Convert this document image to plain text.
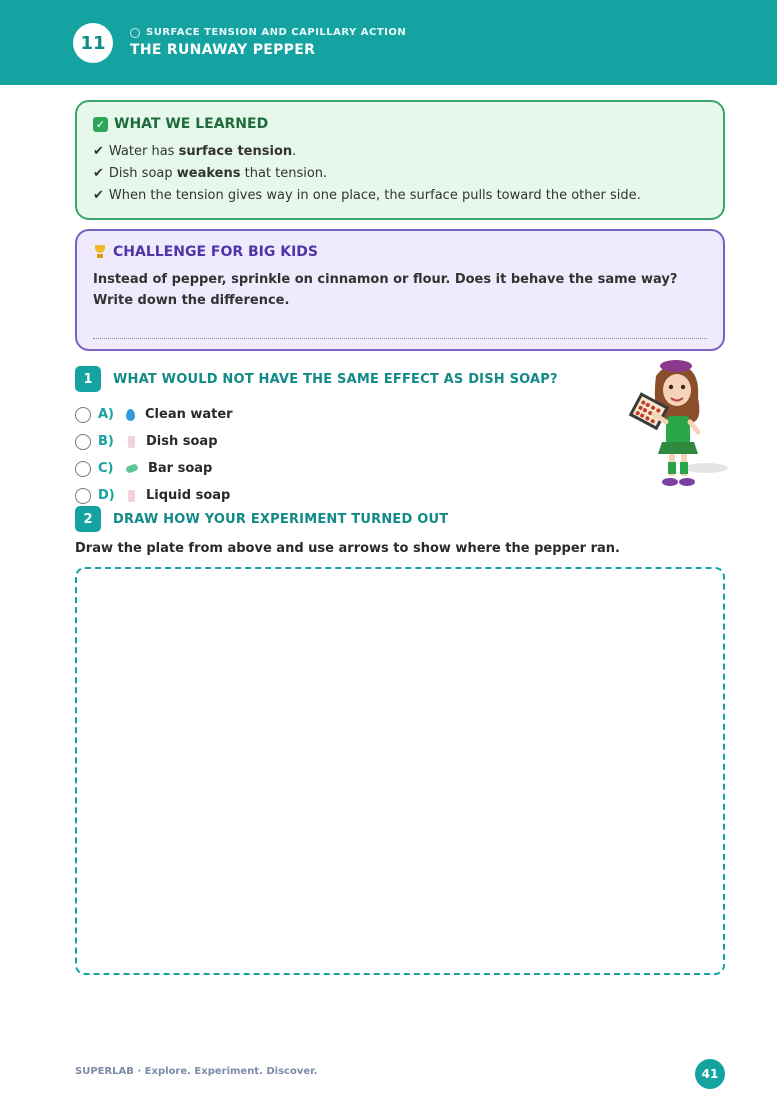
11	SURFACE TENSION AND CAPILLARY ACTION
THE RUNAWAY PEPPER
✓ WHAT WE LEARNED
✔ Water has surface tension.
✔ Dish soap weakens that tension.
✔ When the tension gives way in one place, the surface pulls toward the other side.
CHALLENGE FOR BIG KIDS

Instead of pepper, sprinkle on cinnamon or flour. Does it behave the same way? Write down the difference.

1	WHAT WOULD NOT HAVE THE SAME EFFECT AS DISH SOAP?
A)	Clean water
B)	Dish soap
C)	Bar soap
D)	Liquid soap
2	DRAW HOW YOUR EXPERIMENT TURNED OUT
Draw the plate from above and use arrows to show where the pepper ran.
SUPERLAB · Explore. Experiment. Discover.	41
